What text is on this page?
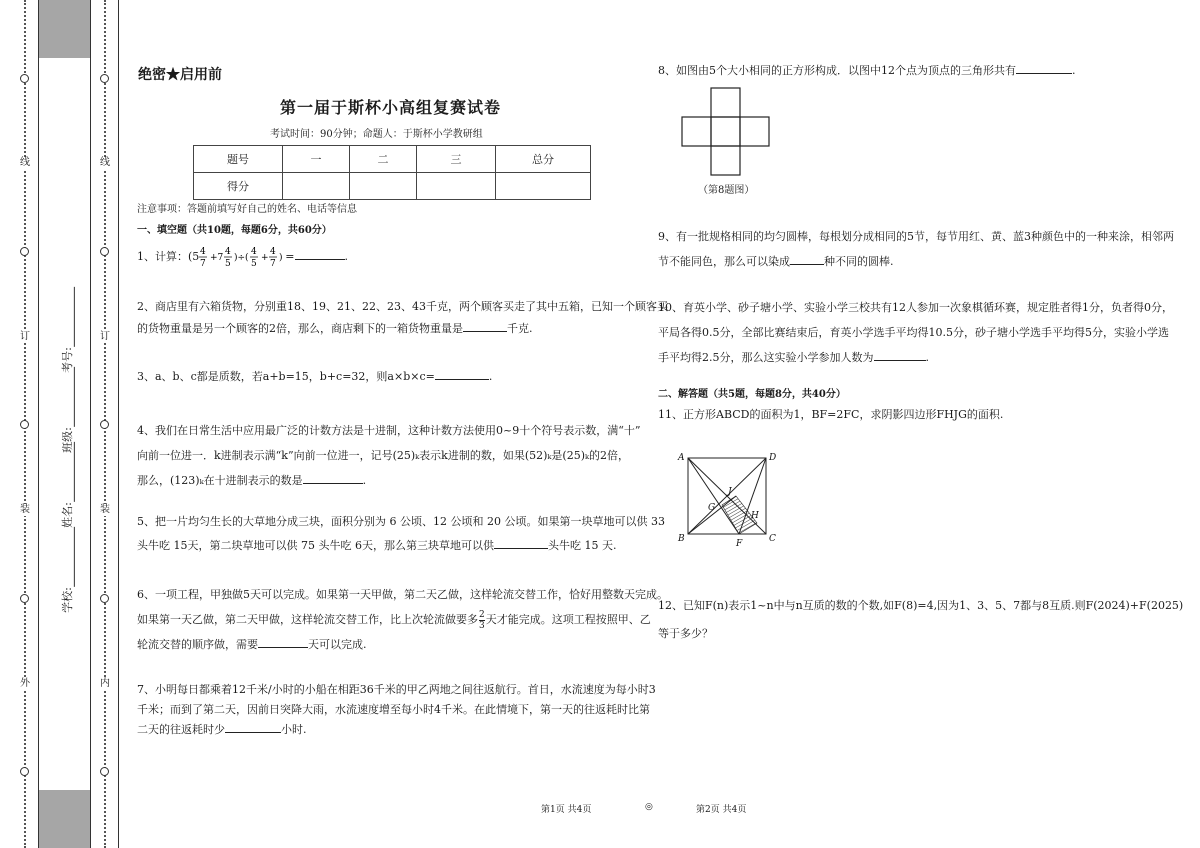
线
订
装
外
线
订
装
内
学校:
姓名:
班级:
考号:
绝密★启用前
第一届于斯杯小高组复赛试卷
考试时间：90分钟；命题人：于斯杯小学教研组
题号	一	二	三	总分
得分				
注意事项：答题前填写好自己的姓名、电话等信息
一、填空题（共10题，每题6分，共60分）
1、计算：(5 4
7
+7
4
5
)÷(
4
5
+
4
7
) =	.
2、商店里有六箱货物，分别重18、19、21、22、23、43千克，两个顾客买走了其中五箱，已知一个顾客买
的货物重量是另一个顾客的2倍，那么，商店剩下的一箱货物重量是	千克.
3、a、b、c都是质数，若a+b=15，b+c=32，则a×b×c=	.
4、我们在日常生活中应用最广泛的计数方法是十进制，这种计数方法使用0~9十个符号表示数，满“十”
向前一位进一．k进制表示满“k”向前一位进一，记号(25)ₖ表示k进制的数，如果(52)ₖ是(25)ₖ的2倍，
那么，(123)ₖ在十进制表示的数是	.
5、把一片均匀生长的大草地分成三块，面积分别为 6 公顷、12 公顷和 20 公顷。如果第一块草地可以供 33
头牛吃 15天，第二块草地可以供 75 头牛吃 6天，那么第三块草地可以供	头牛吃 15 天.
6、一项工程，甲独做5天可以完成。如果第一天甲做，第二天乙做，这样轮流交替工作，恰好用整数天完成。
如果第一天乙做，第二天甲做，这样轮流交替工作，比上次轮流做要多 $\frac{2}{3}$ 天才能完成。这项工程按照甲、乙
轮流交替的顺序做，需要	天可以完成.
7、小明每日都乘着12千米/小时的小船在相距36千米的甲乙两地之间往返航行。首日，水流速度为每小时3
千米；而到了第二天，因前日突降大雨，水流速度增至每小时4千米。在此情境下，第一天的往返耗时比第
二天的往返耗时少	小时.
8、如图由5个大小相同的正方形构成．以图中12个点为顶点的三角形共有	.
（第8题图）
9、有一批规格相同的均匀圆棒，每根划分成相同的5节，每节用红、黄、蓝3种颜色中的一种来涂，相邻两
节不能同色，那么可以染成	种不同的圆棒.
10、育英小学、砂子塘小学、实验小学三校共有12人参加一次象棋循环赛，规定胜者得1分，负者得0分，
平局各得0.5分，全部比赛结束后，育英小学选手平均得10.5分，砂子塘小学选手平均得5分，实验小学选
手平均得2.5分，那么这实验小学参加人数为	.
二、解答题（共5题，每题8分，共40分）
11、正方形ABCD的面积为1，BF=2FC，求阴影四边形FHJG的面积.
A	D
B	C
F
G
H
J
12、已知F(n)表示1~n中与n互质的数的个数,如F(8)=4,因为1、3、5、7都与8互质.则F(2024)+F(2025)
等于多少？
第1页 共4页	◎	第2页 共4页
